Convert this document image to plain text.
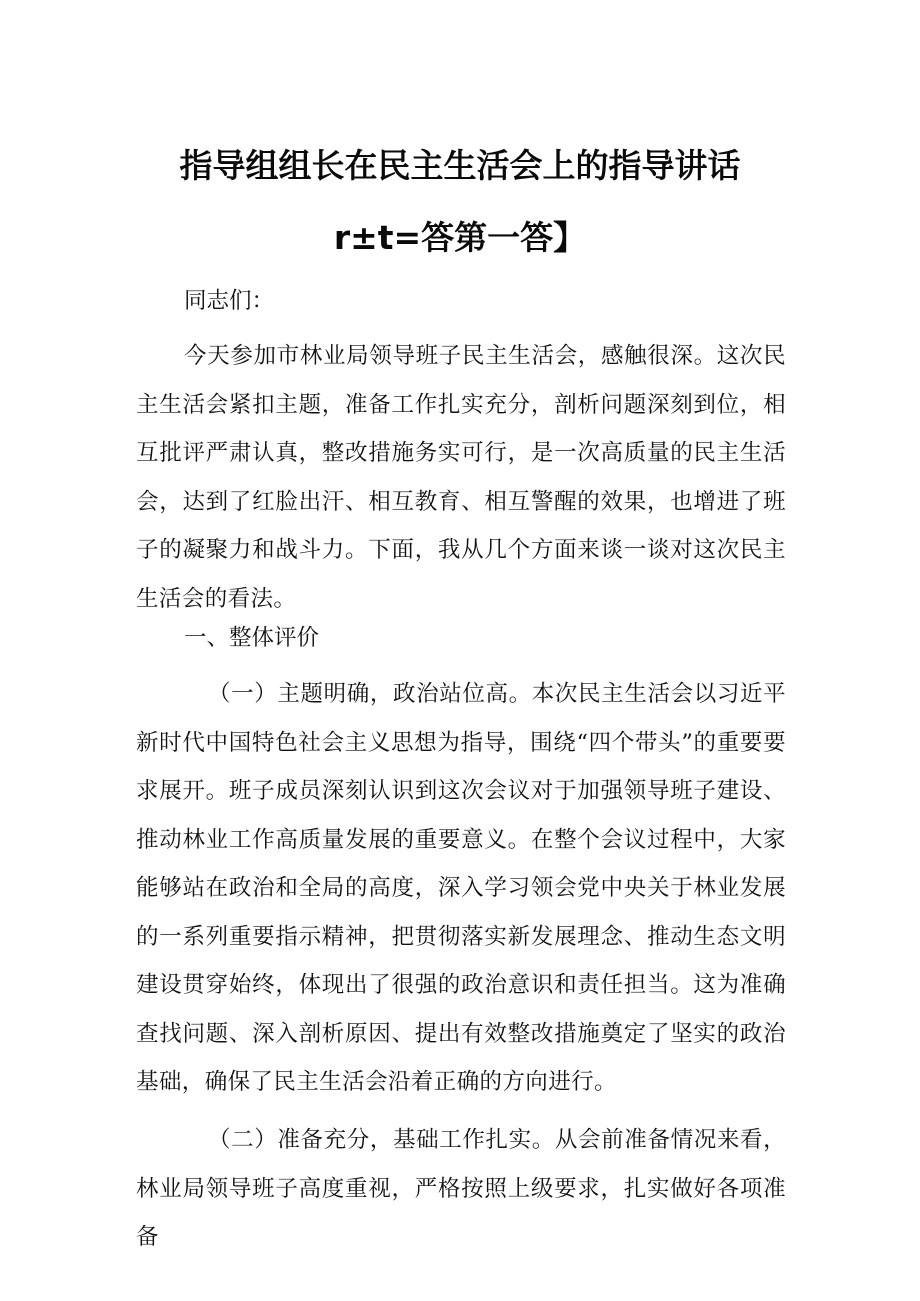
指导组组长在民主生活会上的指导讲话
r±t=答第一答】
同志们：

今天参加市林业局领导班子民主生活会，感触很深。这次民主生活会紧扣主题，准备工作扎实充分，剖析问题深刻到位，相互批评严肃认真，整改措施务实可行，是一次高质量的民主生活会，达到了红脸出汗、相互教育、相互警醒的效果，也增进了班子的凝聚力和战斗力。下面，我从几个方面来谈一谈对这次民主生活会的看法。

一、整体评价

（一）主题明确，政治站位高。本次民主生活会以习近平新时代中国特色社会主义思想为指导，围绕“四个带头”的重要要求展开。班子成员深刻认识到这次会议对于加强领导班子建设、推动林业工作高质量发展的重要意义。在整个会议过程中，大家能够站在政治和全局的高度，深入学习领会党中央关于林业发展的一系列重要指示精神，把贯彻落实新发展理念、推动生态文明建设贯穿始终，体现出了很强的政治意识和责任担当。这为准确查找问题、深入剖析原因、提出有效整改措施奠定了坚实的政治基础，确保了民主生活会沿着正确的方向进行。

（二）准备充分，基础工作扎实。从会前准备情况来看，林业局领导班子高度重视，严格按照上级要求，扎实做好各项准备
